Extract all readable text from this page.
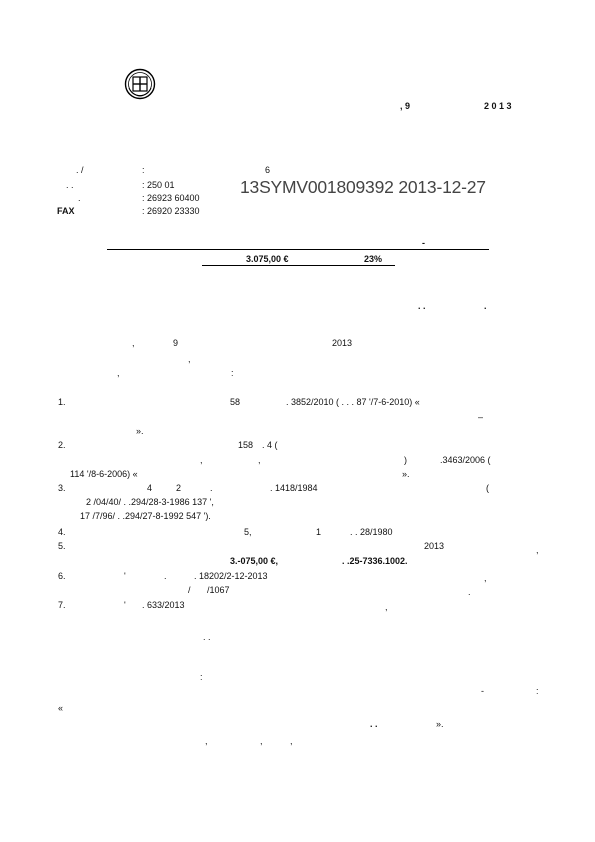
, 9	2 0 1 3
. /	:	6
. .	: 250 01
.	: 26923 60400
FAX	: 26920 23330
13SYMV001809392 2013-12-27
-
3.075,00 €	23%
. .	.
,	9	2013
,
,	:
1.	58	. 3852/2010 ( . . . 87 '/7-6-2010) «
–
».
2.	158 . 4 (
,	,	)	.3463/2006 (
114 '/8-6-2006) «	».
3.	4	2	.	. 1418/1984	(
2 /04/40/ . .294/28-3-1986 137 ',
17 /7/96/ . .294/27-8-1992 547 ').
4.	5,	1	. . 28/1980
5.	2013	,
3.-075,00 €,	. .25-7336.1002.
6.	'	.	. 18202/2-12-2013	,
/ /1067	.
7.	' . 633/2013	,
. .
:
-	:
«
. .	».
,	,	,
